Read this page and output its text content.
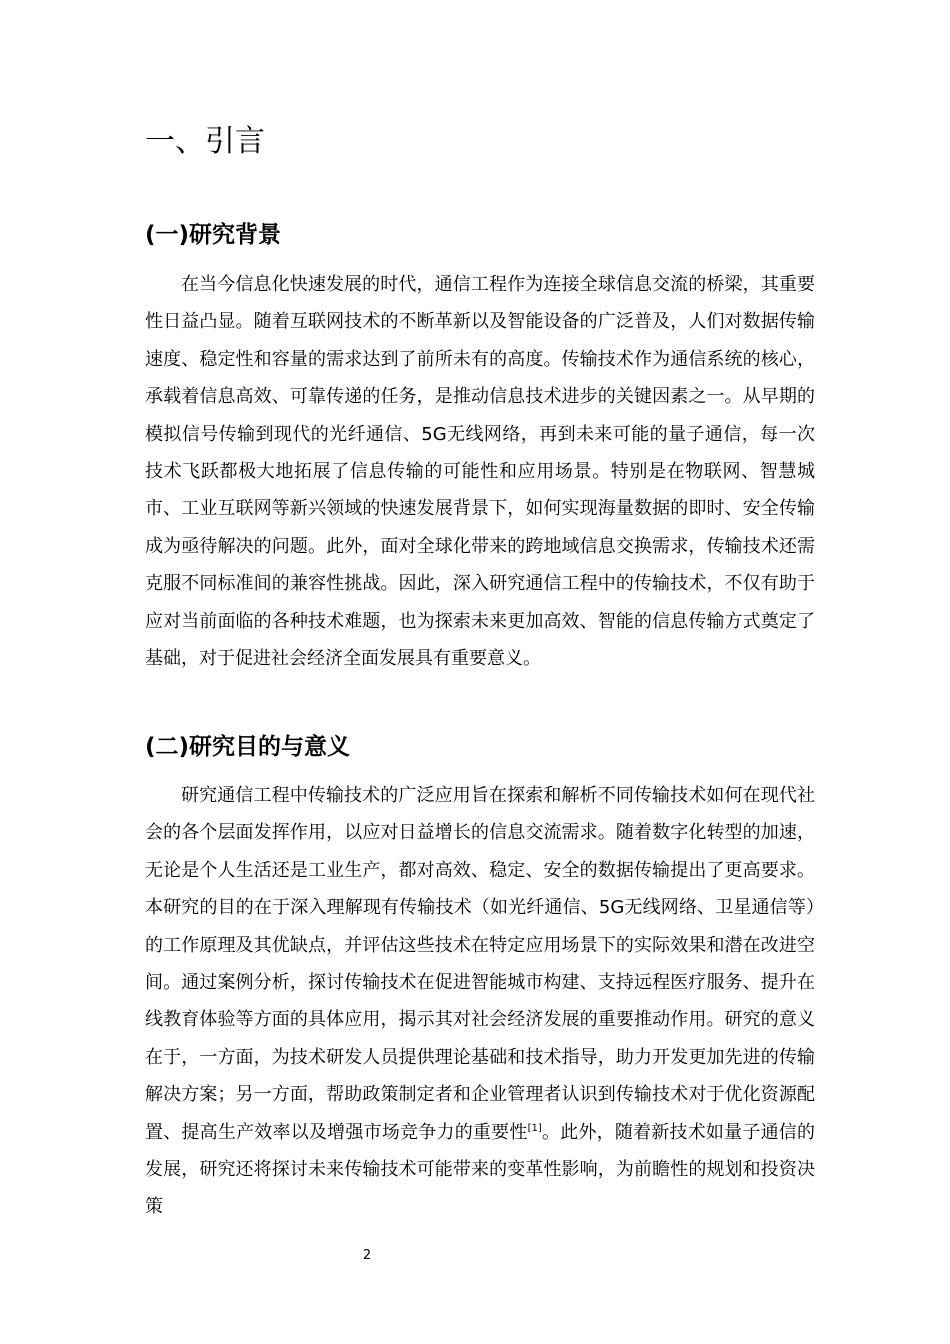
一、引言
(一)研究背景

在当今信息化快速发展的时代，通信工程作为连接全球信息交流的桥梁，其重要性日益凸显。随着互联网技术的不断革新以及智能设备的广泛普及，人们对数据传输速度、稳定性和容量的需求达到了前所未有的高度。传输技术作为通信系统的核心，承载着信息高效、可靠传递的任务，是推动信息技术进步的关键因素之一。从早期的模拟信号传输到现代的光纤通信、5G无线网络，再到未来可能的量子通信，每一次技术飞跃都极大地拓展了信息传输的可能性和应用场景。特别是在物联网、智慧城市、工业互联网等新兴领域的快速发展背景下，如何实现海量数据的即时、安全传输成为亟待解决的问题。此外，面对全球化带来的跨地域信息交换需求，传输技术还需克服不同标准间的兼容性挑战。因此，深入研究通信工程中的传输技术，不仅有助于应对当前面临的各种技术难题，也为探索未来更加高效、智能的信息传输方式奠定了基础，对于促进社会经济全面发展具有重要意义。

(二)研究目的与意义

研究通信工程中传输技术的广泛应用旨在探索和解析不同传输技术如何在现代社会的各个层面发挥作用，以应对日益增长的信息交流需求。随着数字化转型的加速，无论是个人生活还是工业生产，都对高效、稳定、安全的数据传输提出了更高要求。本研究的目的在于深入理解现有传输技术（如光纤通信、5G无线网络、卫星通信等）的工作原理及其优缺点，并评估这些技术在特定应用场景下的实际效果和潜在改进空间。通过案例分析，探讨传输技术在促进智能城市构建、支持远程医疗服务、提升在线教育体验等方面的具体应用，揭示其对社会经济发展的重要推动作用。研究的意义在于，一方面，为技术研发人员提供理论基础和技术指导，助力开发更加先进的传输解决方案；另一方面，帮助政策制定者和企业管理者认识到传输技术对于优化资源配置、提高生产效率以及增强市场竞争力的重要性[1]。此外，随着新技术如量子通信的发展，研究还将探讨未来传输技术可能带来的变革性影响，为前瞻性的规划和投资决策

2
